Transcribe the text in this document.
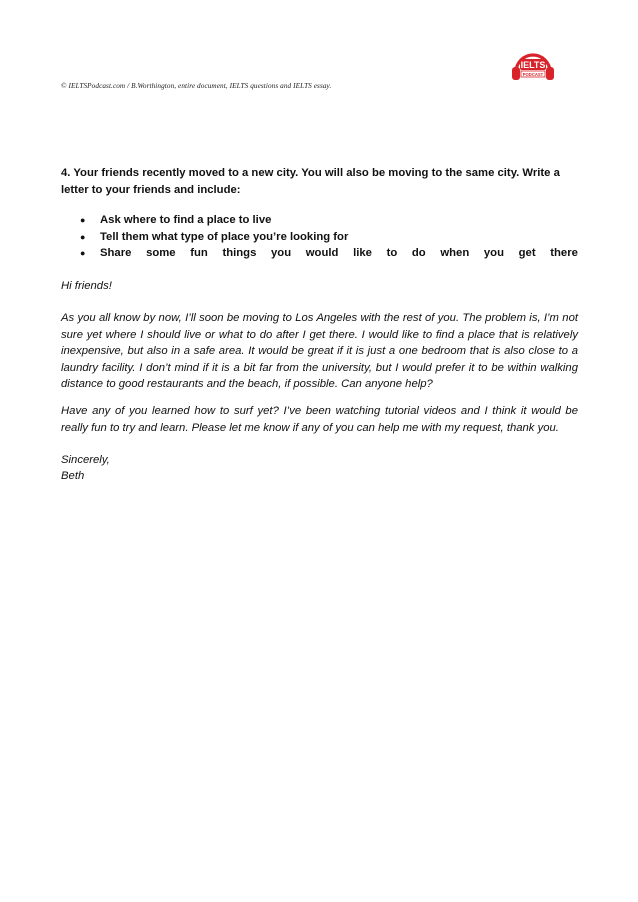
© IELTSPodcast.com / B.Worthington, entire document, IELTS questions and IELTS essay.
IELTS
PODCAST
4. Your friends recently moved to a new city. You will also be moving to the same city. Write a letter to your friends and include:
● Ask where to find a place to live
● Tell them what type of place you’re looking for
● Share some fun things you would like to do when you get there
Hi friends!
As you all know by now, I’ll soon be moving to Los Angeles with the rest of you. The problem is, I’m not sure yet where I should live or what to do after I get there. I would like to find a place that is relatively inexpensive, but also in a safe area. It would be great if it is just a one bedroom that is also close to a laundry facility. I don’t mind if it is a bit far from the university, but I would prefer it to be within walking distance to good restaurants and the beach, if possible. Can anyone help?
Have any of you learned how to surf yet? I’ve been watching tutorial videos and I think it would be really fun to try and learn. Please let me know if any of you can help me with my request, thank you.
Sincerely,
Beth
